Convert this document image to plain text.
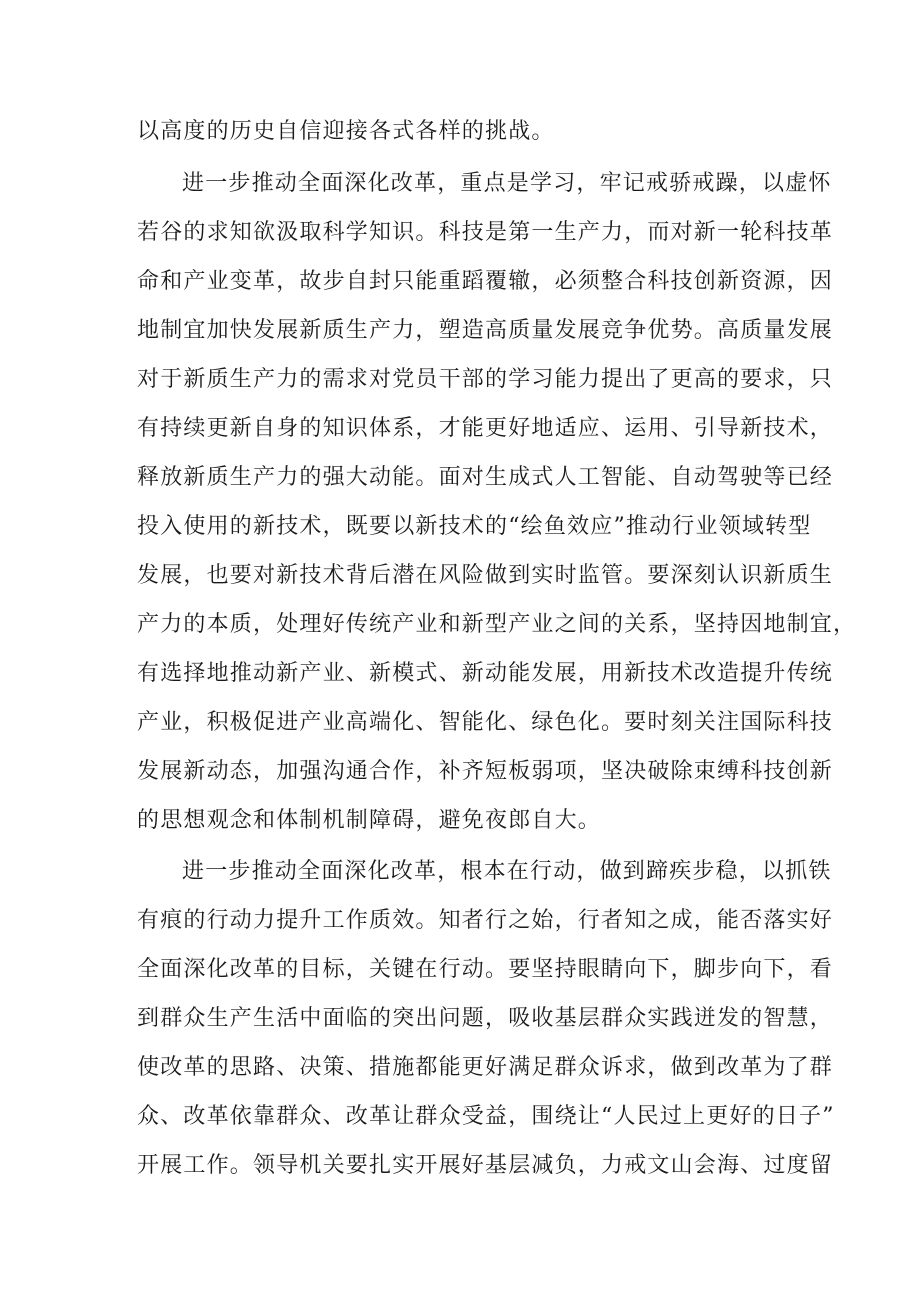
以高度的历史自信迎接各式各样的挑战。
进一步推动全面深化改革，重点是学习，牢记戒骄戒躁，以虚怀
若谷的求知欲汲取科学知识。科技是第一生产力，而对新一轮科技革
命和产业变革，故步自封只能重蹈覆辙，必须整合科技创新资源，因
地制宜加快发展新质生产力，塑造高质量发展竞争优势。高质量发展
对于新质生产力的需求对党员干部的学习能力提出了更高的要求，只
有持续更新自身的知识体系，才能更好地适应、运用、引导新技术，
释放新质生产力的强大动能。面对生成式人工智能、自动驾驶等已经
投入使用的新技术，既要以新技术的“绘鱼效应”推动行业领域转型
发展，也要对新技术背后潜在风险做到实时监管。要深刻认识新质生
产力的本质，处理好传统产业和新型产业之间的关系，坚持因地制宜，
有选择地推动新产业、新模式、新动能发展，用新技术改造提升传统
产业，积极促进产业高端化、智能化、绿色化。要时刻关注国际科技
发展新动态，加强沟通合作，补齐短板弱项，坚决破除束缚科技创新
的思想观念和体制机制障碍，避免夜郎自大。
进一步推动全面深化改革，根本在行动，做到蹄疾步稳，以抓铁
有痕的行动力提升工作质效。知者行之始，行者知之成，能否落实好
全面深化改革的目标，关键在行动。要坚持眼睛向下，脚步向下，看
到群众生产生活中面临的突出问题，吸收基层群众实践迸发的智慧，
使改革的思路、决策、措施都能更好满足群众诉求，做到改革为了群
众、改革依靠群众、改革让群众受益，围绕让“人民过上更好的日子”
开展工作。领导机关要扎实开展好基层减负，力戒文山会海、过度留
